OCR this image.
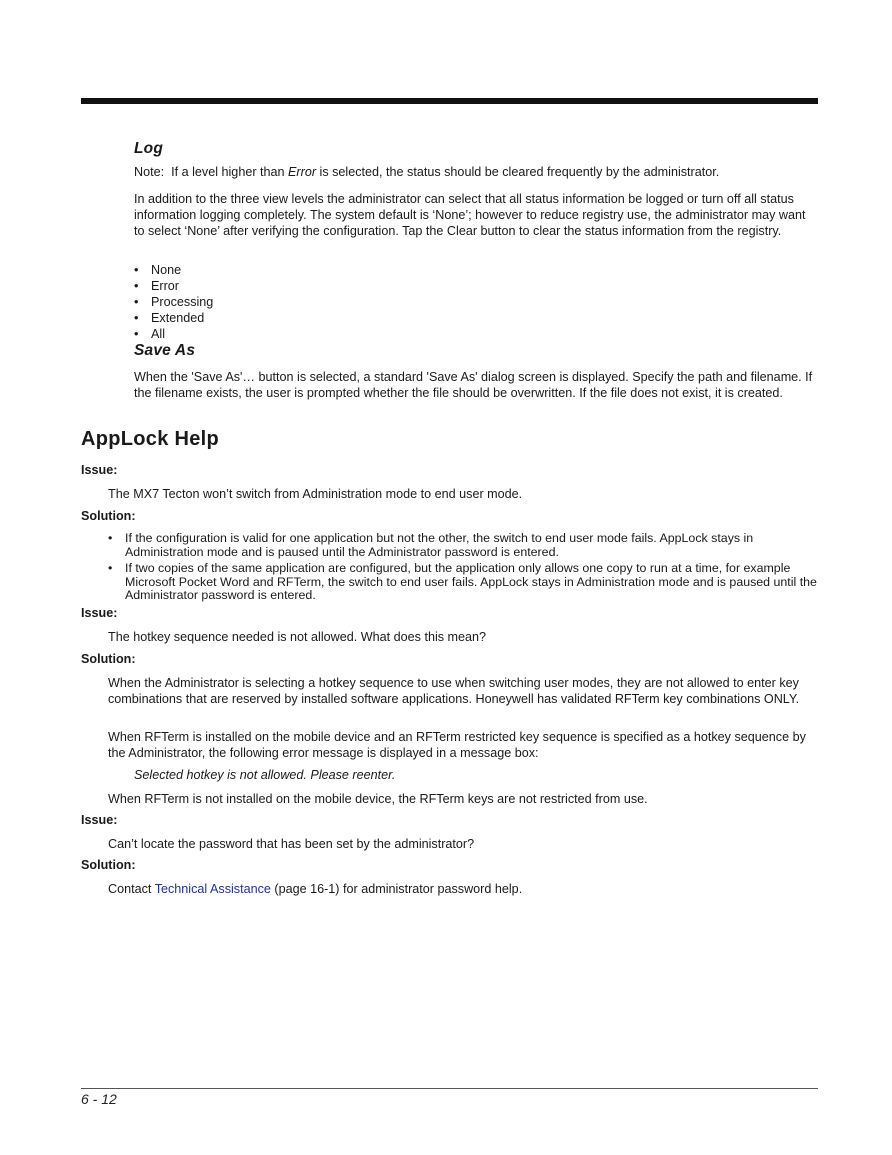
Log

Note: If a level higher than Error is selected, the status should be cleared frequently by the administrator.

In addition to the three view levels the administrator can select that all status information be logged or turn off all status information logging completely. The system default is ‘None’; however to reduce registry use, the administrator may want to select ‘None’ after verifying the configuration. Tap the Clear button to clear the status information from the registry.

• None
• Error
• Processing
• Extended
• All
Save As

When the 'Save As'… button is selected, a standard 'Save As' dialog screen is displayed. Specify the path and filename. If the filename exists, the user is prompted whether the file should be overwritten. If the file does not exist, it is created.

AppLock Help
Issue:

The MX7 Tecton won’t switch from Administration mode to end user mode.

Solution:
• If the configuration is valid for one application but not the other, the switch to end user mode fails. AppLock stays in Administration mode and is paused until the Administrator password is entered.
• If two copies of the same application are configured, but the application only allows one copy to run at a time, for example Microsoft Pocket Word and RFTerm, the switch to end user fails. AppLock stays in Administration mode and is paused until the Administrator password is entered.
Issue:

The hotkey sequence needed is not allowed. What does this mean?

Solution:

When the Administrator is selecting a hotkey sequence to use when switching user modes, they are not allowed to enter key combinations that are reserved by installed software applications. Honeywell has validated RFTerm key combinations ONLY.

When RFTerm is installed on the mobile device and an RFTerm restricted key sequence is specified as a hotkey sequence by the Administrator, the following error message is displayed in a message box:

Selected hotkey is not allowed. Please reenter.

When RFTerm is not installed on the mobile device, the RFTerm keys are not restricted from use.

Issue:

Can’t locate the password that has been set by the administrator?

Solution:

Contact Technical Assistance (page 16-1) for administrator password help.

6 - 12
